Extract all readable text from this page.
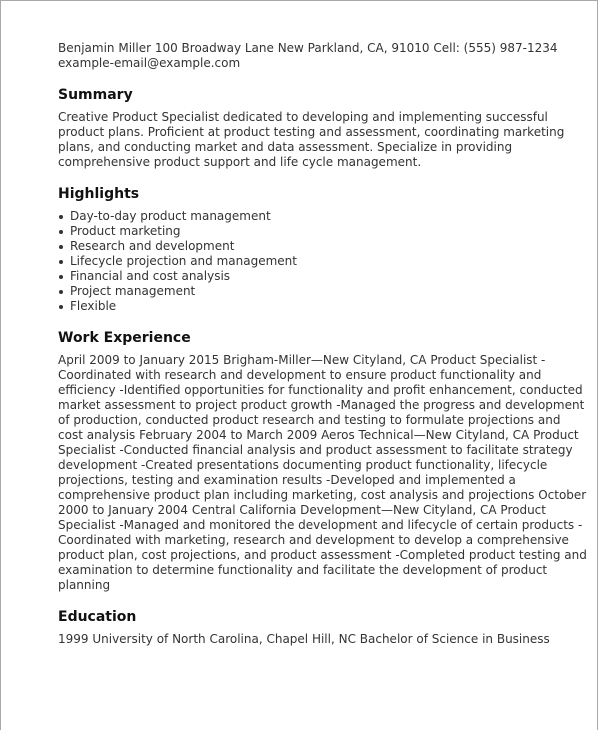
Benjamin Miller 100 Broadway Lane New Parkland, CA, 91010 Cell: (555) 987-1234 example-email@example.com
Summary
Creative Product Specialist dedicated to developing and implementing successful product plans. Proficient at product testing and assessment, coordinating marketing plans, and conducting market and data assessment. Specialize in providing comprehensive product support and life cycle management.
Highlights
Day-to-day product management
Product marketing
Research and development
Lifecycle projection and management
Financial and cost analysis
Project management
Flexible
Work Experience
April 2009 to January 2015 Brigham-Miller—New Cityland, CA Product Specialist -Coordinated with research and development to ensure product functionality and efficiency -Identified opportunities for functionality and profit enhancement, conducted market assessment to project product growth -Managed the progress and development of production, conducted product research and testing to formulate projections and cost analysis February 2004 to March 2009 Aeros Technical—New Cityland, CA Product Specialist -Conducted financial analysis and product assessment to facilitate strategy development -Created presentations documenting product functionality, lifecycle projections, testing and examination results -Developed and implemented a comprehensive product plan including marketing, cost analysis and projections October 2000 to January 2004 Central California Development—New Cityland, CA Product Specialist -Managed and monitored the development and lifecycle of certain products -Coordinated with marketing, research and development to develop a comprehensive product plan, cost projections, and product assessment -Completed product testing and examination to determine functionality and facilitate the development of product planning
Education
1999 University of North Carolina, Chapel Hill, NC Bachelor of Science in Business
